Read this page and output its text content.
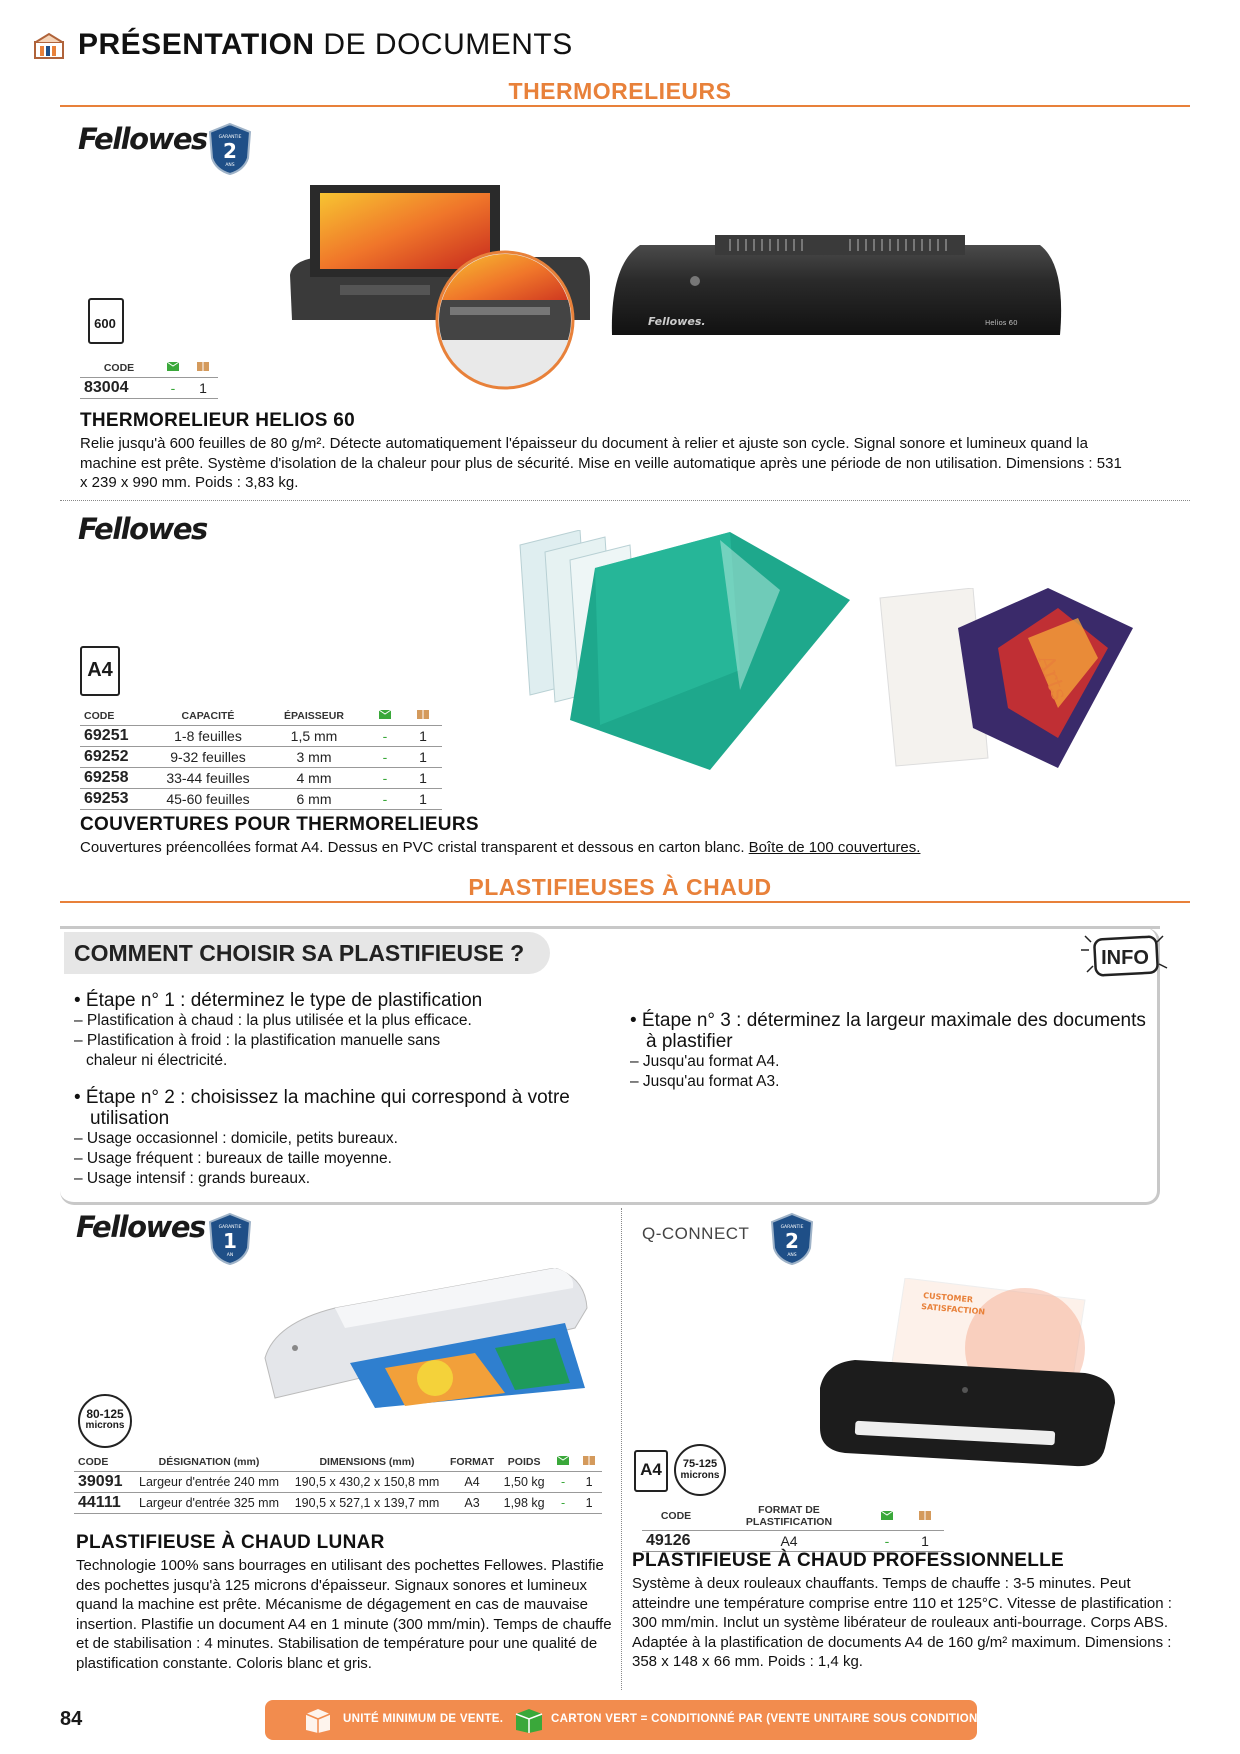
PRÉSENTATION DE DOCUMENTS
THERMORELIEURS
Fellowes	GARANTIE
2
ANS
Fellowes.	Helios 60
600
CODE		
83004	-	1
THERMORELIEUR HELIOS 60
Relie jusqu'à 600 feuilles de 80 g/m². Détecte automatiquement l'épaisseur du document à relier et ajuste son cycle. Signal sonore et lumineux quand la machine est prête. Système d'isolation de la chaleur pour plus de sécurité. Mise en veille automatique après une période de non utilisation. Dimensions : 531 x 239 x 990 mm. Poids : 3,83 kg.
Fellowes
Arts
A4
CODE	CAPACITÉ	ÉPAISSEUR		
69251	1-8 feuilles	1,5 mm	-	1
69252	9-32 feuilles	3 mm	-	1
69258	33-44 feuilles	4 mm	-	1
69253	45-60 feuilles	6 mm	-	1
COUVERTURES POUR THERMORELIEURS
Couvertures préencollées format A4. Dessus en PVC cristal transparent et dessous en carton blanc. Boîte de 100 couvertures.
PLASTIFIEUSES À CHAUD
COMMENT CHOISIR SA PLASTIFIEUSE ?	INFO
• Étape n° 1 : déterminez le type de plastification
– Plastification à chaud : la plus utilisée et la plus efficace.
– Plastification à froid : la plastification manuelle sans
chaleur ni électricité.
• Étape n° 2 : choisissez la machine qui correspond à votre
utilisation
– Usage occasionnel : domicile, petits bureaux.
– Usage fréquent : bureaux de taille moyenne.
– Usage intensif : grands bureaux.
• Étape n° 3 : déterminez la largeur maximale des documents
à plastifier
– Jusqu'au format A4.
– Jusqu'au format A3.
Fellowes	GARANTIE
1
AN
80-125
microns
CODE	DÉSIGNATION (mm)	DIMENSIONS (mm)	FORMAT	POIDS		
39091	Largeur d'entrée 240 mm	190,5 x 430,2 x 150,8 mm	A4	1,50 kg	-	1
44111	Largeur d'entrée 325 mm	190,5 x 527,1 x 139,7 mm	A3	1,98 kg	-	1
PLASTIFIEUSE À CHAUD LUNAR
Technologie 100% sans bourrages en utilisant des pochettes Fellowes. Plastifie des pochettes jusqu'à 125 microns d'épaisseur. Signaux sonores et lumineux quand la machine est prête. Mécanisme de dégagement en cas de mauvaise insertion. Plastifie un document A4 en 1 minute (300 mm/min). Temps de chauffe et de stabilisation : 4 minutes. Stabilisation de température pour une qualité de plastification constante. Coloris blanc et gris.
Q-CONNECT	GARANTIE
2
ANS
CUSTOMER
SATISFACTION
A4	75-125
microns
CODE	FORMAT DE PLASTIFICATION		
49126	A4	-	1
PLASTIFIEUSE À CHAUD PROFESSIONNELLE
Système à deux rouleaux chauffants. Temps de chauffe : 3-5 minutes. Peut atteindre une température comprise entre 110 et 125°C. Vitesse de plastification : 300 mm/min. Inclut un système libérateur de rouleaux anti-bourrage. Corps ABS. Adaptée à la plastification de documents A4 de 160 g/m² maximum. Dimensions : 358 x 148 x 66 mm. Poids : 1,4 kg.
84	UNITÉ MINIMUM DE VENTE.	CARTON VERT = CONDITIONNÉ PAR (VENTE UNITAIRE SOUS CONDITION).
